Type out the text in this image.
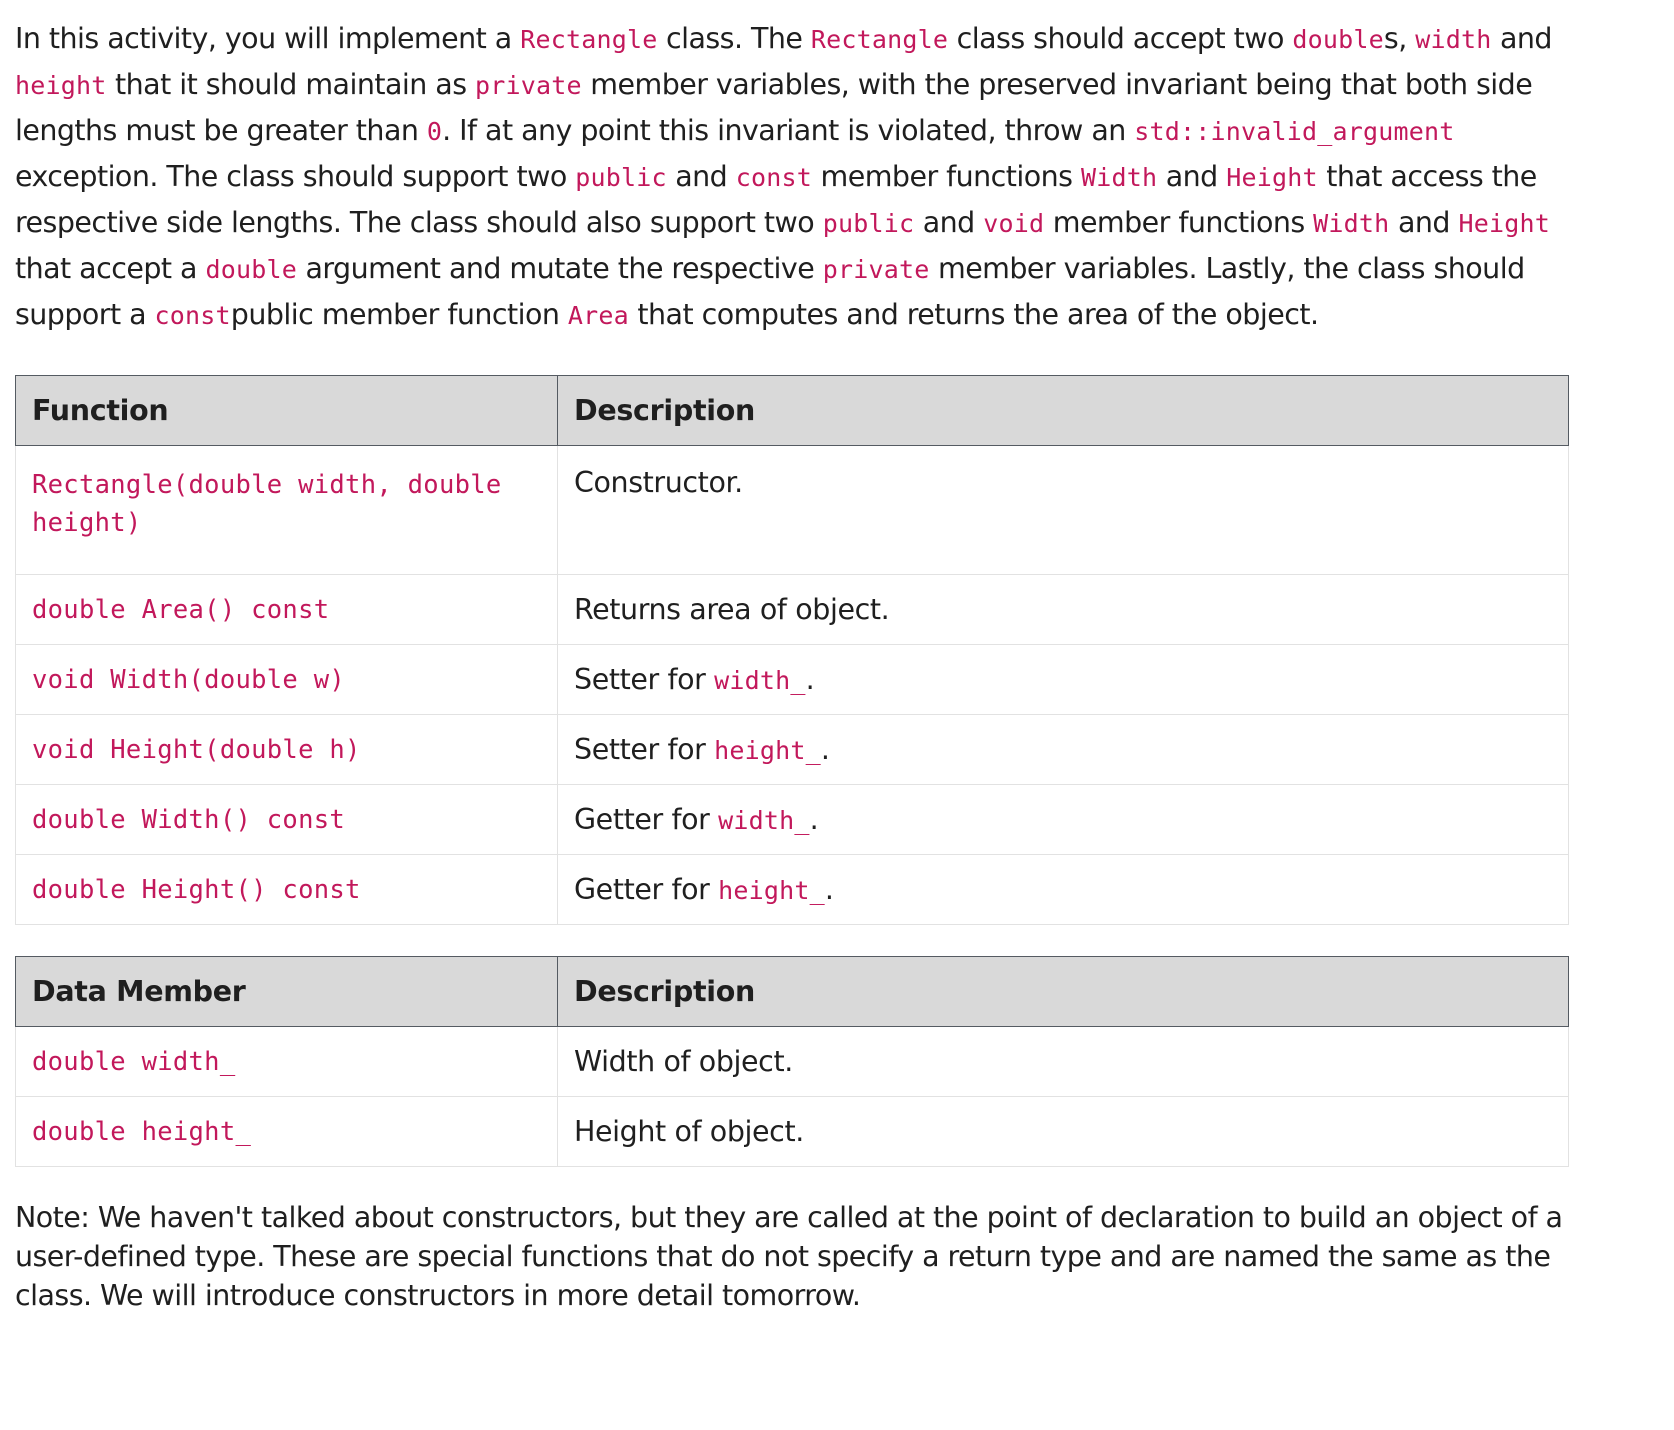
In this activity, you will implement a Rectangle class. The Rectangle class should accept two doubles, width and height that it should maintain as private member variables, with the preserved invariant being that both side lengths must be greater than 0. If at any point this invariant is violated, throw an std::invalid_argument exception. The class should support two public and const member functions Width and Height that access the respective side lengths. The class should also support two public and void member functions Width and Height that accept a double argument and mutate the respective private member variables. Lastly, the class should support a constpublic member function Area that computes and returns the area of the object.

Function	Description
Rectangle(double width, double height)	Constructor.
double Area() const	Returns area of object.
void Width(double w)	Setter for width_.
void Height(double h)	Setter for height_.
double Width() const	Getter for width_.
double Height() const	Getter for height_.
Data Member	Description
double width_	Width of object.
double height_	Height of object.

Note: We haven't talked about constructors, but they are called at the point of declaration to build an object of a user-defined type. These are special functions that do not specify a return type and are named the same as the class. We will introduce constructors in more detail tomorrow.
